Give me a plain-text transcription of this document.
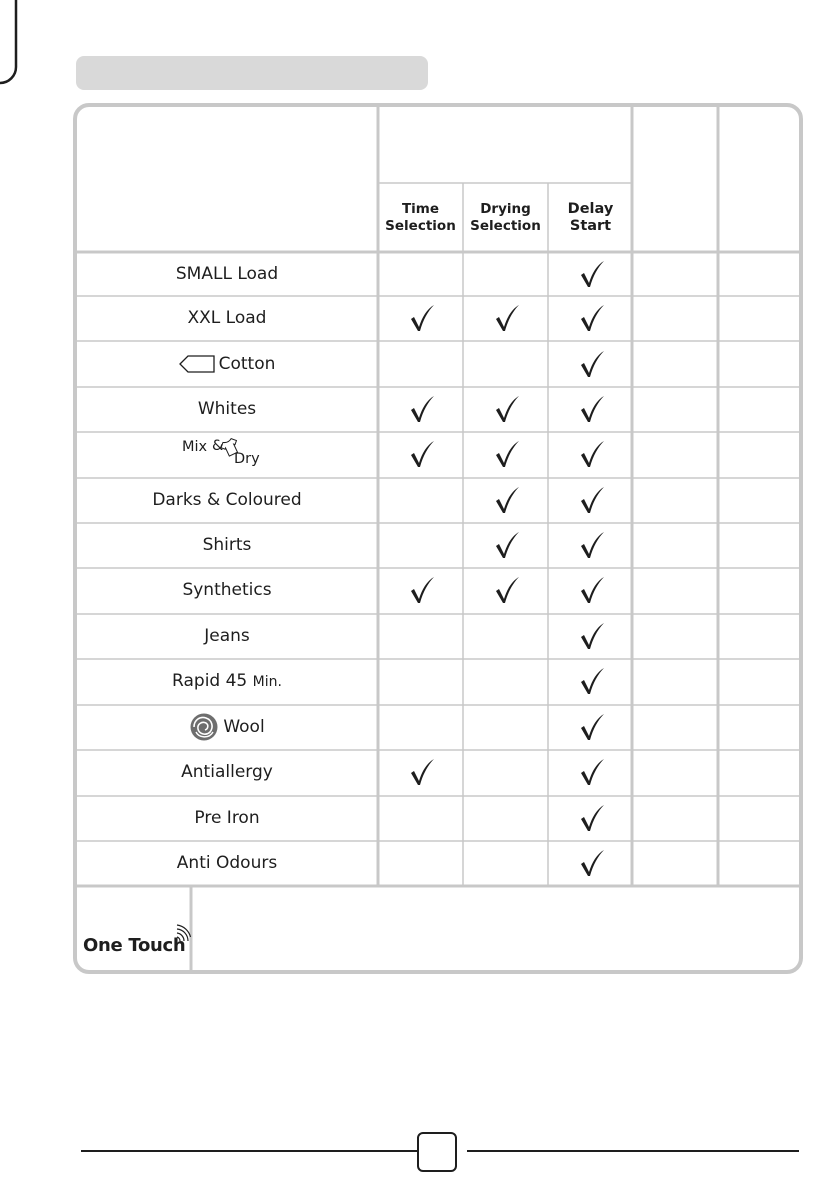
Time
Selection
Drying
Selection
Delay
Start
SMALL Load
XXL Load
Cotton
Whites
Mix &
Dry
Darks & Coloured
Shirts
Synthetics
Jeans
Rapid 45 Min.
Wool
Antiallergy
Pre Iron
Anti Odours
One Touch
